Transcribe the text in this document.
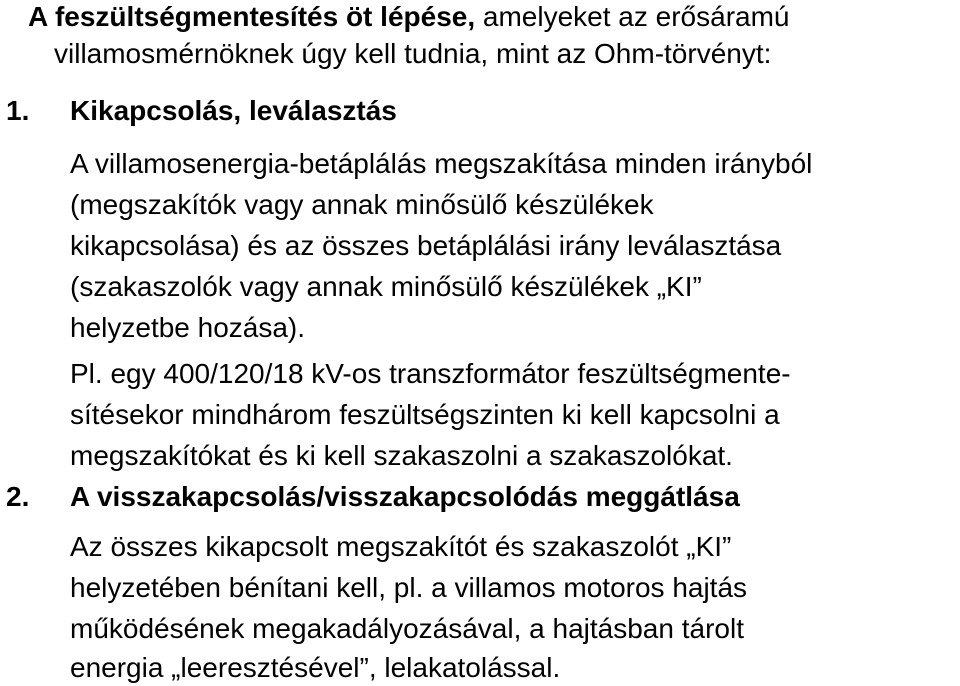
A feszültségmentesítés öt lépése, amelyeket az erősáramú
villamosmérnöknek úgy kell tudnia, mint az Ohm-törvényt:
1. Kikapcsolás, leválasztás
A villamosenergia-betáplálás megszakítása minden irányból
(megszakítók vagy annak minősülő készülékek
kikapcsolása) és az összes betáplálási irány leválasztása
(szakaszolók vagy annak minősülő készülékek „KI”
helyzetbe hozása).
Pl. egy 400/120/18 kV-os transzformátor feszültségmente-
sítésekor mindhárom feszültségszinten ki kell kapcsolni a
megszakítókat és ki kell szakaszolni a szakaszolókat.
2. A visszakapcsolás/visszakapcsolódás meggátlása
Az összes kikapcsolt megszakítót és szakaszolót „KI”
helyzetében bénítani kell, pl. a villamos motoros hajtás
működésének megakadályozásával, a hajtásban tárolt
energia „leeresztésével”, lelakatolással.
